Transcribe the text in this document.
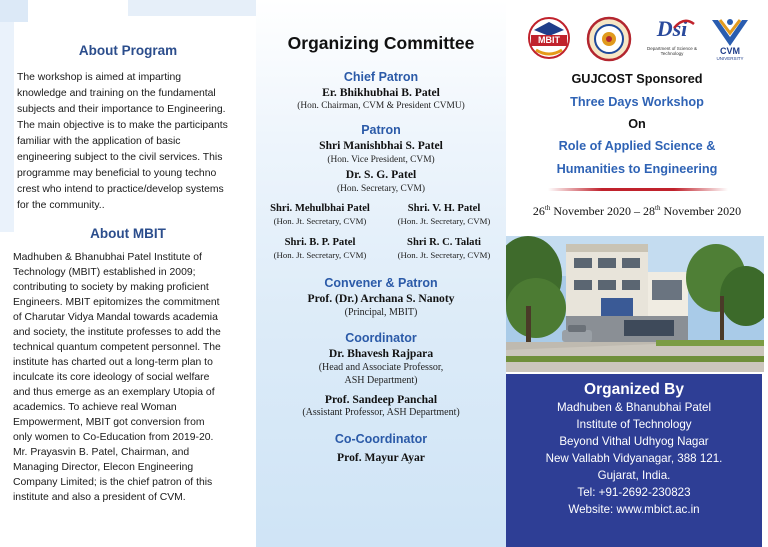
About Program
The workshop is aimed at imparting
knowledge and training on the fundamental
subjects and their importance to Engineering.
The main objective is to make the participants
familiar with the application of basic
engineering subject to the civil services. This
programme may beneficial to young techno
crest who intend to practice/develop systems
for the community..
About MBIT
Madhuben & Bhanubhai Patel Institute of
Technology (MBIT) established in 2009;
contributing to society by making proficient
Engineers. MBIT epitomizes the commitment
of Charutar Vidya Mandal towards academia
and society, the institute professes to add the
technical quantum competent personnel. The
institute has charted out a long-term plan to
inculcate its core ideology of social welfare
and thus emerge as an exemplary Utopia of
academics. To achieve real Woman
Empowerment, MBIT got conversion from
only women to Co-Education from 2019-20.
Mr. Prayasvin B. Patel, Chairman, and
Managing Director, Elecon Engineering
Company Limited; is the chief patron of this
institute and also a president of CVM.
Organizing Committee
Chief Patron
Er. Bhikhubhai B. Patel
(Hon. Chairman, CVM & President CVMU)
Patron
Shri Manishbhai S. Patel
(Hon. Vice President, CVM)
Dr. S. G. Patel
(Hon. Secretary, CVM)
Shri. Mehulbhai Patel
(Hon. Jt. Secretary, CVM)
Shri. V. H. Patel
(Hon. Jt. Secretary, CVM)
Shri. B. P. Patel
(Hon. Jt. Secretary, CVM)
Shri R. C. Talati
(Hon. Jt. Secretary, CVM)
Convener & Patron
Prof. (Dr.) Archana S. Nanoty
(Principal, MBIT)
Coordinator
Dr. Bhavesh Rajpara
(Head and Associate Professor,
ASH Department)
Prof. Sandeep Panchal
(Assistant Professor, ASH Department)
Co-Coordinator
Prof. Mayur Ayar
MBIT	Dsi
Department of Science & Technology	CVM
UNIVERSITY
GUJCOST Sponsored
Three Days Workshop
On
Role of Applied Science &
Humanities to Engineering
26th November 2020 – 28th November 2020
Organized By
Madhuben & Bhanubhai Patel
Institute of Technology
Beyond Vithal Udhyog Nagar
New Vallabh Vidyanagar, 388 121.
Gujarat, India.
Tel: +91-2692-230823
Website: www.mbict.ac.in
